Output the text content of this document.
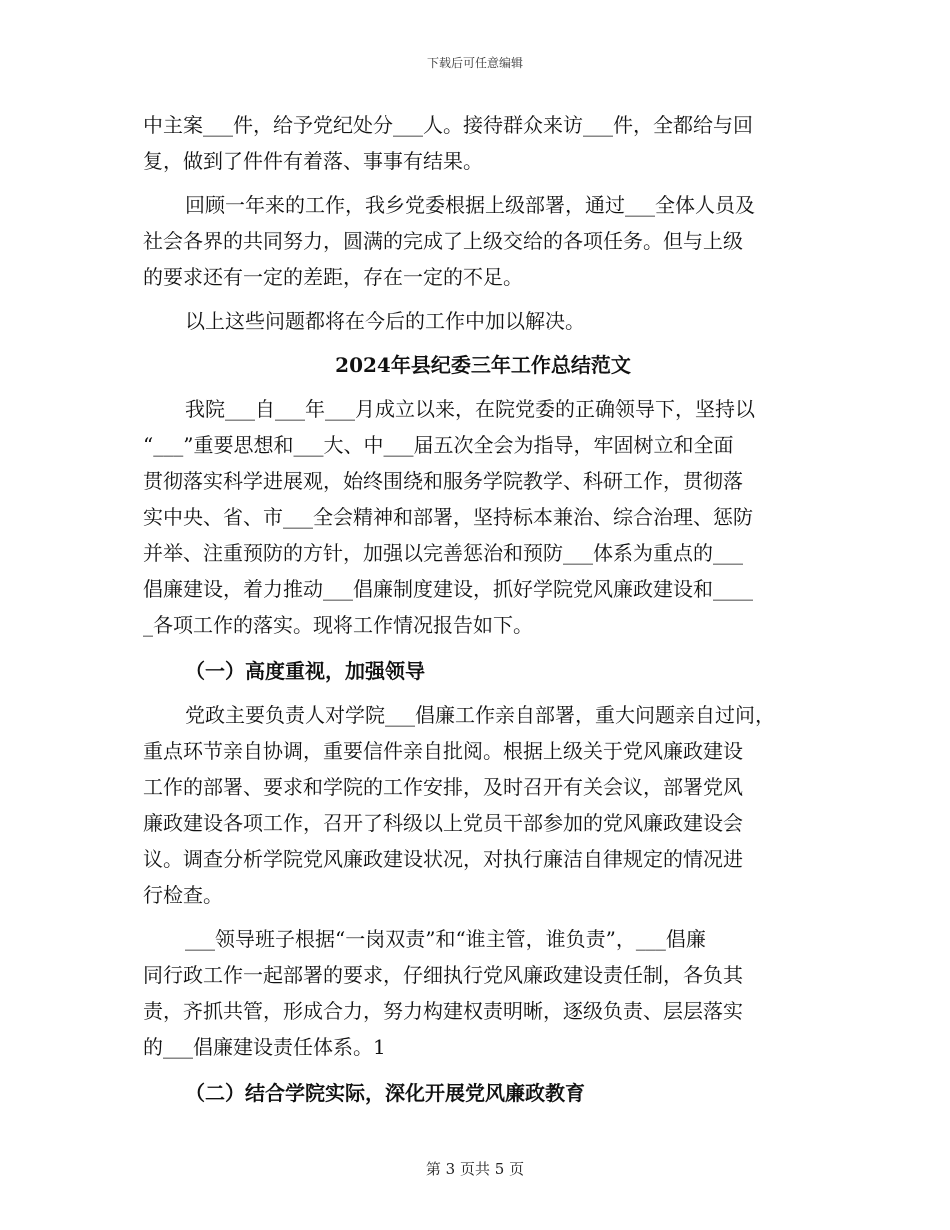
下载后可任意编辑
中主案___件，给予党纪处分___人。接待群众来访___件，全都给与回
复，做到了件件有着落、事事有结果。
回顾一年来的工作，我乡党委根据上级部署，通过___全体人员及
社会各界的共同努力，圆满的完成了上级交给的各项任务。但与上级
的要求还有一定的差距，存在一定的不足。
以上这些问题都将在今后的工作中加以解决。
2024年县纪委三年工作总结范文
我院___自___年___月成立以来，在院党委的正确领导下，坚持以
“___”重要思想和___大、中___届五次全会为指导，牢固树立和全面
贯彻落实科学进展观，始终围绕和服务学院教学、科研工作，贯彻落
实中央、省、市___全会精神和部署，坚持标本兼治、综合治理、惩防
并举、注重预防的方针，加强以完善惩治和预防___体系为重点的___
倡廉建设，着力推动___倡廉制度建设，抓好学院党风廉政建设和____
_各项工作的落实。现将工作情况报告如下。
（一）高度重视，加强领导
党政主要负责人对学院___倡廉工作亲自部署，重大问题亲自过问，
重点环节亲自协调，重要信件亲自批阅。根据上级关于党风廉政建设
工作的部署、要求和学院的工作安排，及时召开有关会议，部署党风
廉政建设各项工作，召开了科级以上党员干部参加的党风廉政建设会
议。调查分析学院党风廉政建设状况，对执行廉洁自律规定的情况进
行检查。
___领导班子根据“一岗双责”和“谁主管，谁负责”，___倡廉
同行政工作一起部署的要求，仔细执行党风廉政建设责任制，各负其
责，齐抓共管，形成合力，努力构建权责明晰，逐级负责、层层落实
的___倡廉建设责任体系。1
（二）结合学院实际，深化开展党风廉政教育
第 3 页共 5 页
